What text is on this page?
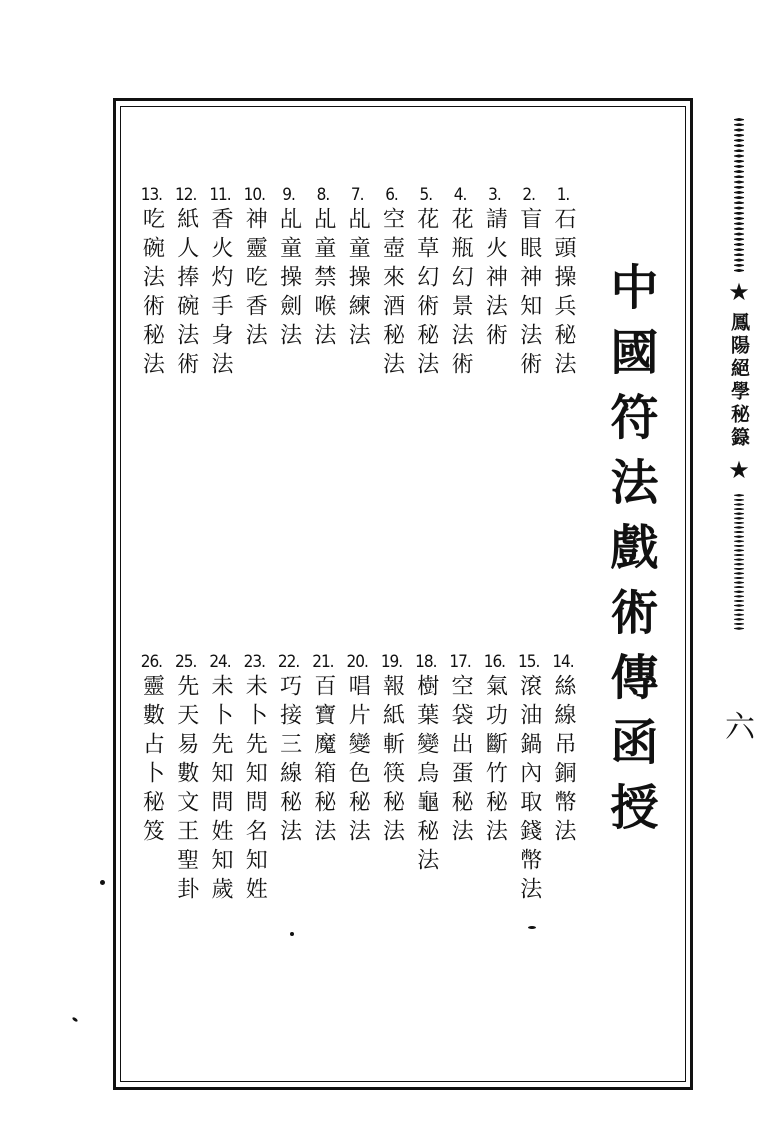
中國符法戲術傳函授
1.
石頭操兵秘法
2.
盲眼神知法術
3.
請火神法術
4.
花瓶幻景法術
5.
花草幻術秘法
6.
空壺來酒秘法
7.
乩童操練法
8.
乩童禁喉法
9.
乩童操劍法
10.
神靈吃香法
11.
香火灼手身法
12.
紙人捧碗法術
13.
吃碗法術秘法
14.
絲線吊銅幣法
15.
滾油鍋內取錢幣法
16.
氣功斷竹秘法
17.
空袋出蛋秘法
18.
樹葉變烏龜秘法
19.
報紙斬筷秘法
20.
唱片變色秘法
21.
百寶魔箱秘法
22.
巧接三線秘法
23.
未卜先知問名知姓
24.
未卜先知問姓知歲
25.
先天易數文王聖卦
26.
靈數占卜秘笈
★
鳳陽絕學秘籙
★
六
